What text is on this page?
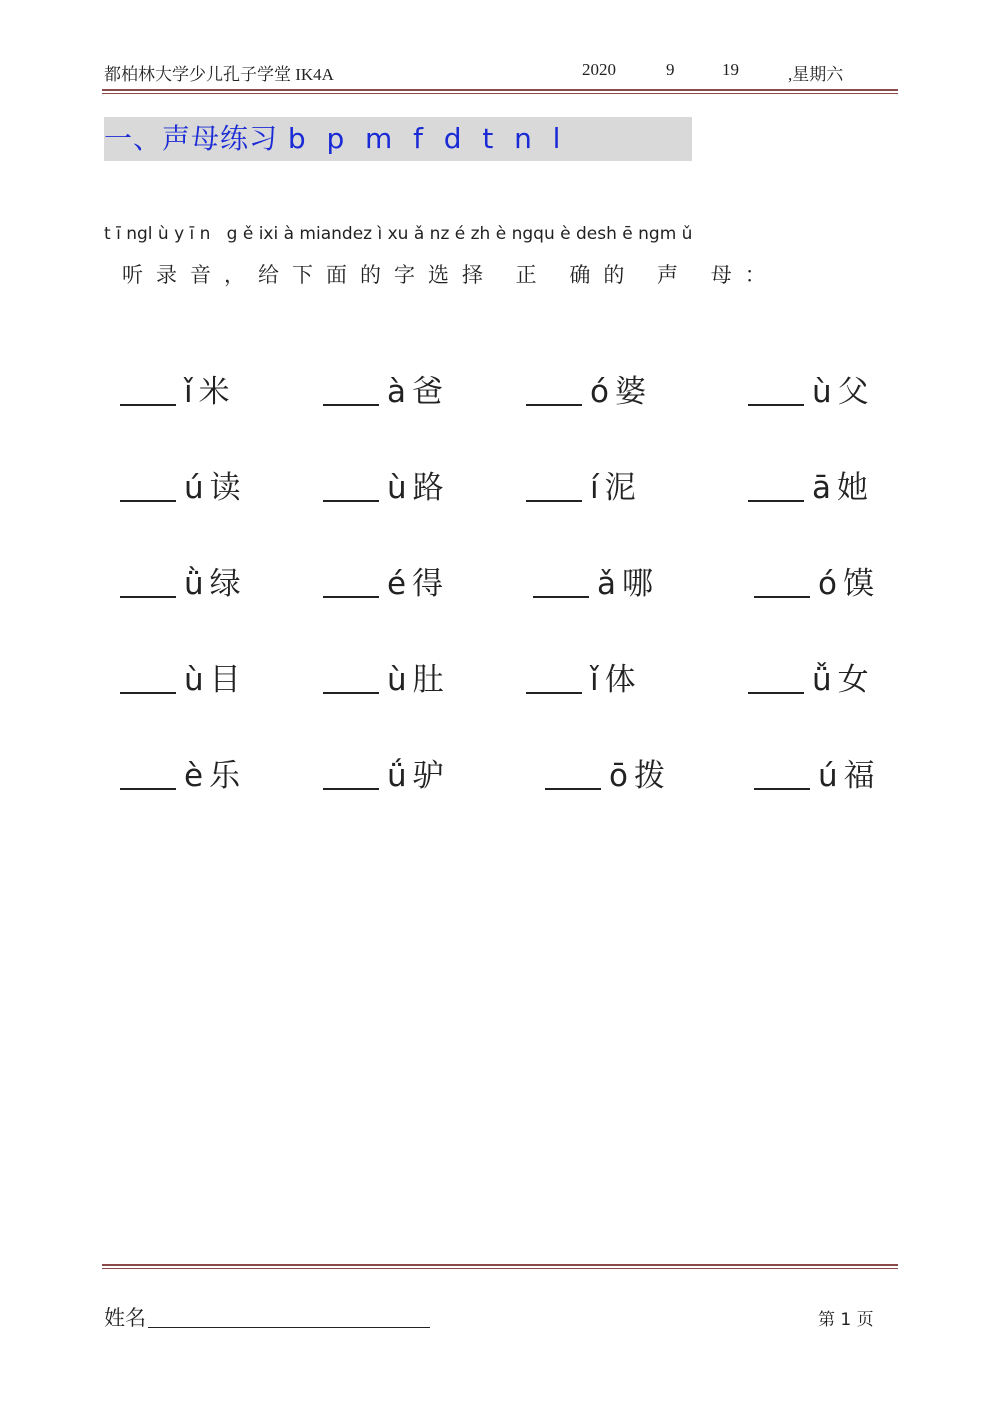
都柏林大学少儿孔子学堂 IK4A	2020	9	19	,星期六
一、声母练习 b  p  m  f  d  t  n  l
t ī ngl ù y ī n   g ě ixi à miandez ì xu ǎ nz é zh è ngqu è desh ē ngm ǔ
听录音，给下面的字选择 正 确的 声 母：
ǐ 米	à 爸	ó 婆	ù 父
ú 读	ù 路	í 泥	ā 她
ǜ 绿	é 得	ǎ 哪	ó 馍
ù 目	ù 肚	ǐ 体	ǚ 女
è 乐	ǘ 驴	ō 拨	ú 福
姓名	第 1 页
